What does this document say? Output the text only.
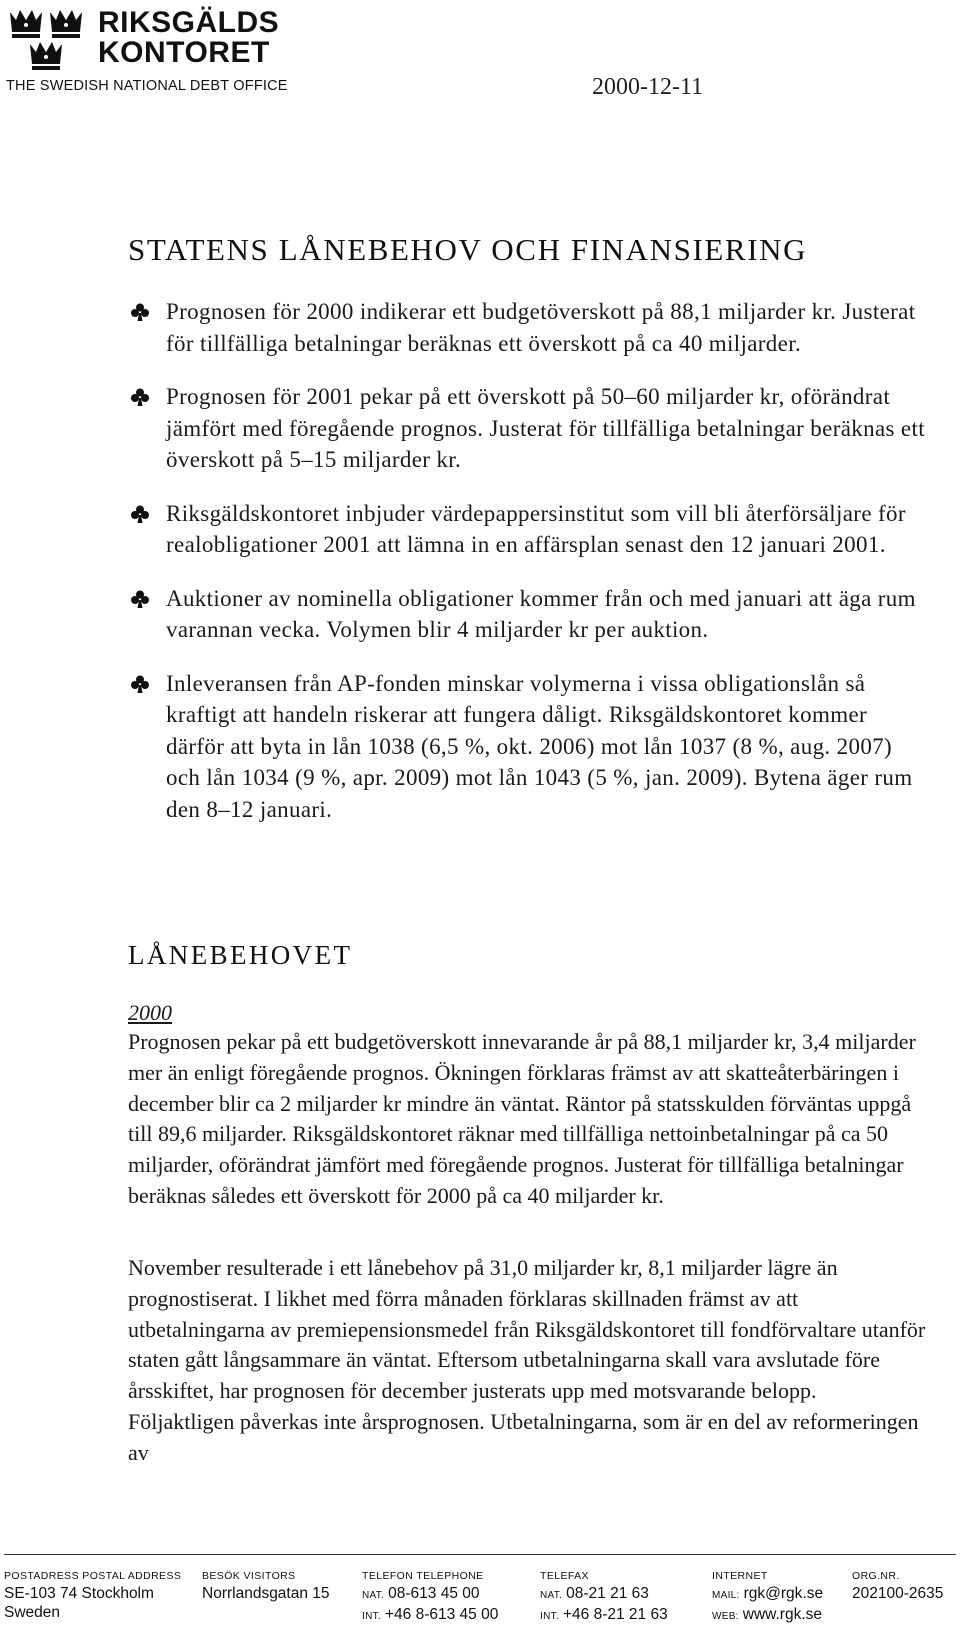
RIKSGÄLDS
KONTORET
THE SWEDISH NATIONAL DEBT OFFICE	2000-12-11
STATENS LÅNEBEHOV OCH FINANSIERING
Prognosen för 2000 indikerar ett budgetöverskott på 88,1 miljarder kr. Justerat för tillfälliga betalningar beräknas ett överskott på ca 40 miljarder.
Prognosen för 2001 pekar på ett överskott på 50–60 miljarder kr, oförändrat jämfört med föregående prognos. Justerat för tillfälliga betalningar beräknas ett överskott på 5–15 miljarder kr.
Riksgäldskontoret inbjuder värdepappersinstitut som vill bli återförsäljare för realobligationer 2001 att lämna in en affärsplan senast den 12 januari 2001.
Auktioner av nominella obligationer kommer från och med januari att äga rum varannan vecka. Volymen blir 4 miljarder kr per auktion.
Inleveransen från AP-fonden minskar volymerna i vissa obligationslån så kraftigt att handeln riskerar att fungera dåligt. Riksgäldskontoret kommer därför att byta in lån 1038 (6,5 %, okt. 2006) mot lån 1037 (8 %, aug. 2007) och lån 1034 (9 %, apr. 2009) mot lån 1043 (5 %, jan. 2009). Bytena äger rum den 8–12 januari.
LÅNEBEHOVET
2000

Prognosen pekar på ett budgetöverskott innevarande år på 88,1 miljarder kr, 3,4 miljarder mer än enligt föregående prognos. Ökningen förklaras främst av att skatteåterbäringen i december blir ca 2 miljarder kr mindre än väntat. Räntor på statsskulden förväntas uppgå till 89,6 miljarder. Riksgäldskontoret räknar med tillfälliga nettoinbetalningar på ca 50 miljarder, oförändrat jämfört med föregående prognos. Justerat för tillfälliga betalningar beräknas således ett överskott för 2000 på ca 40 miljarder kr.

November resulterade i ett lånebehov på 31,0 miljarder kr, 8,1 miljarder lägre än prognostiserat. I likhet med förra månaden förklaras skillnaden främst av att utbetalningarna av premiepensionsmedel från Riksgäldskontoret till fondförvaltare utanför staten gått långsammare än väntat. Eftersom utbetalningarna skall vara avslutade före årsskiftet, har prognosen för december justerats upp med motsvarande belopp. Följaktligen påverkas inte årsprognosen. Utbetalningarna, som är en del av reformeringen av

POSTADRESS POSTAL ADDRESS
SE-103 74 Stockholm
Sweden
BESÖK VISITORS
Norrlandsgatan 15
TELEFON TELEPHONE
NAT. 08-613 45 00
INT. +46 8-613 45 00
TELEFAX
NAT. 08-21 21 63
INT. +46 8-21 21 63
INTERNET
MAIL: rgk@rgk.se
WEB: www.rgk.se
ORG.NR.
202100-2635
